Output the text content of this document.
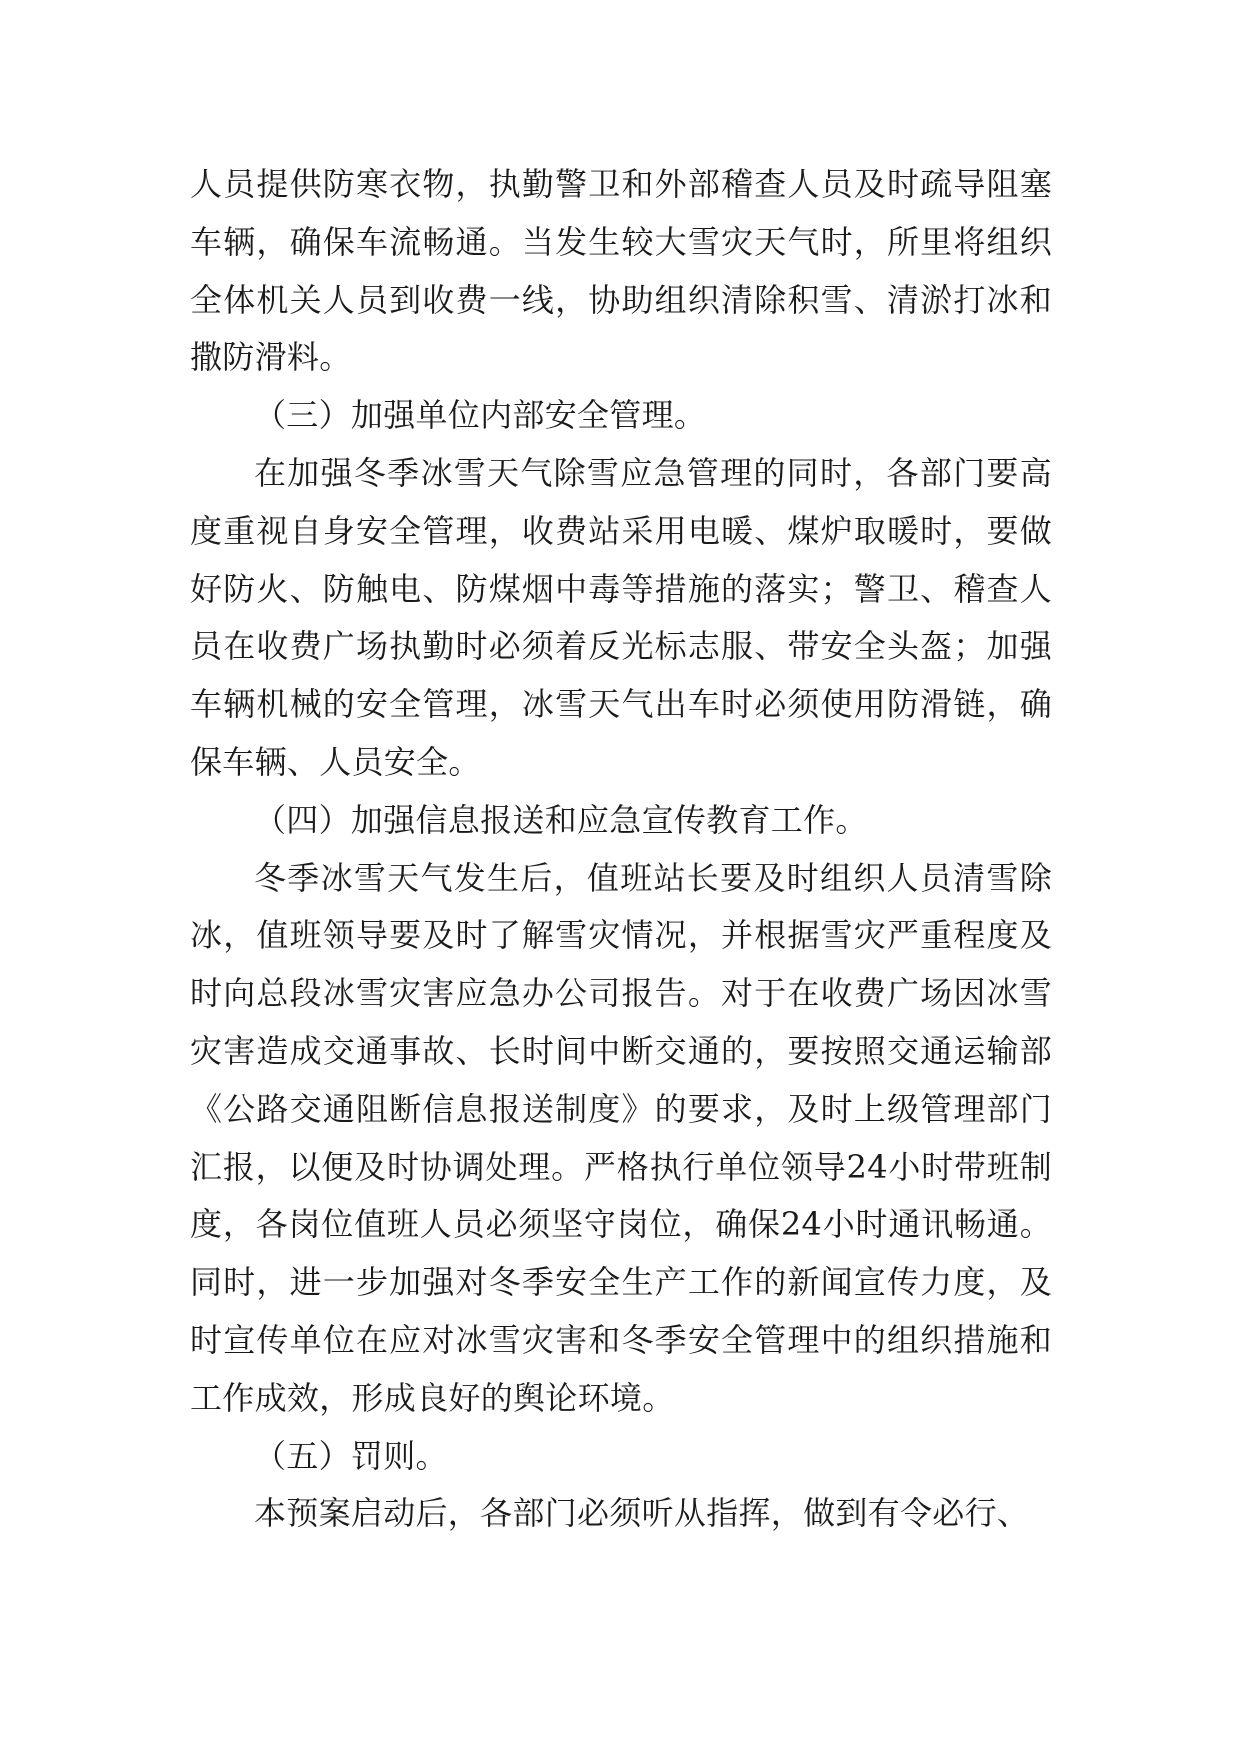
人员提供防寒衣物，执勤警卫和外部稽查人员及时疏导阻塞车辆，确保车流畅通。当发生较大雪灾天气时，所里将组织全体机关人员到收费一线，协助组织清除积雪、清淤打冰和撒防滑料。

（三）加强单位内部安全管理。

在加强冬季冰雪天气除雪应急管理的同时，各部门要高度重视自身安全管理，收费站采用电暖、煤炉取暖时，要做好防火、防触电、防煤烟中毒等措施的落实；警卫、稽查人员在收费广场执勤时必须着反光标志服、带安全头盔；加强车辆机械的安全管理，冰雪天气出车时必须使用防滑链，确保车辆、人员安全。

（四）加强信息报送和应急宣传教育工作。

冬季冰雪天气发生后，值班站长要及时组织人员清雪除冰，值班领导要及时了解雪灾情况，并根据雪灾严重程度及时向总段冰雪灾害应急办公司报告。对于在收费广场因冰雪灾害造成交通事故、长时间中断交通的，要按照交通运输部《公路交通阻断信息报送制度》的要求，及时上级管理部门汇报，以便及时协调处理。严格执行单位领导24小时带班制度，各岗位值班人员必须坚守岗位，确保24小时通讯畅通。同时，进一步加强对冬季安全生产工作的新闻宣传力度，及时宣传单位在应对冰雪灾害和冬季安全管理中的组织措施和工作成效，形成良好的舆论环境。

（五）罚则。

本预案启动后，各部门必须听从指挥，做到有令必行、
